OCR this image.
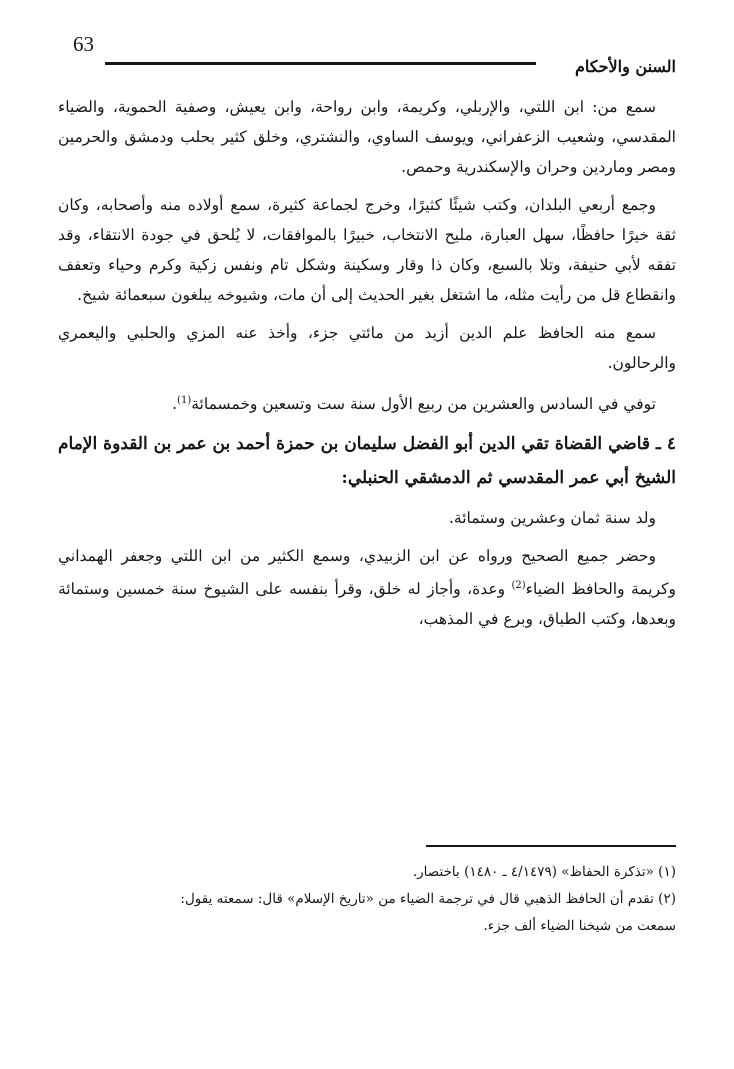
السنن والأحكام
63

سمع من: ابن اللتي، والإربلي، وكريمة، وابن رواحة، وابن يعيش، وصفية الحموية، والضياء المقدسي، وشعيب الزعفراني، ويوسف الساوي، والنشتري، وخلق كثير بحلب ودمشق والحرمين ومصر وماردين وحران والإسكندرية وحمص.

وجمع أربعي البلدان، وكتب شيئًا كثيرًا، وخرج لجماعة كثيرة، سمع أولاده منه وأصحابه، وكان ثقة خيرًا حافظًا، سهل العبارة، مليح الانتخاب، خبيرًا بالموافقات، لا يُلحق في جودة الانتقاء، وقد تفقه لأبي حنيفة، وتلا بالسبع، وكان ذا وقار وسكينة وشكل تام ونفس زكية وكرم وحياء وتعفف وانقطاع قل من رأيت مثله، ما اشتغل بغير الحديث إلى أن مات، وشيوخه يبلغون سبعمائة شيخ.

سمع منه الحافظ علم الدين أزيد من مائتي جزء، وأخذ عنه المزي والحلبي واليعمري والرحالون.

توفي في السادس والعشرين من ربيع الأول سنة ست وتسعين وخمسمائة$^{(1)}$.

٤ ـ قاضي القضاة تقي الدين أبو الفضل سليمان بن حمزة أحمد بن عمر بن القدوة الإمام الشيخ أبي عمر المقدسي ثم الدمشقي الحنبلي:

ولد سنة ثمان وعشرين وستمائة.

وحضر جميع الصحيح ورواه عن ابن الزبيدي، وسمع الكثير من ابن اللتي وجعفر الهمداني وكريمة والحافظ الضياء$^{(2)}$ وعدة، وأجاز له خلق، وقرأ بنفسه على الشيوخ سنة خمسين وستمائة وبعدها، وكتب الطباق، وبرع في المذهب،

(١) «تذكرة الحفاظ» (٤/١٤٧٩ ـ ١٤٨٠) باختصار.

(٢) تقدم أن الحافظ الذهبي قال في ترجمة الضياء من «تاريخ الإسلام» قال: سمعته يقول:
سمعت من شيخنا الضياء ألف جزء.
